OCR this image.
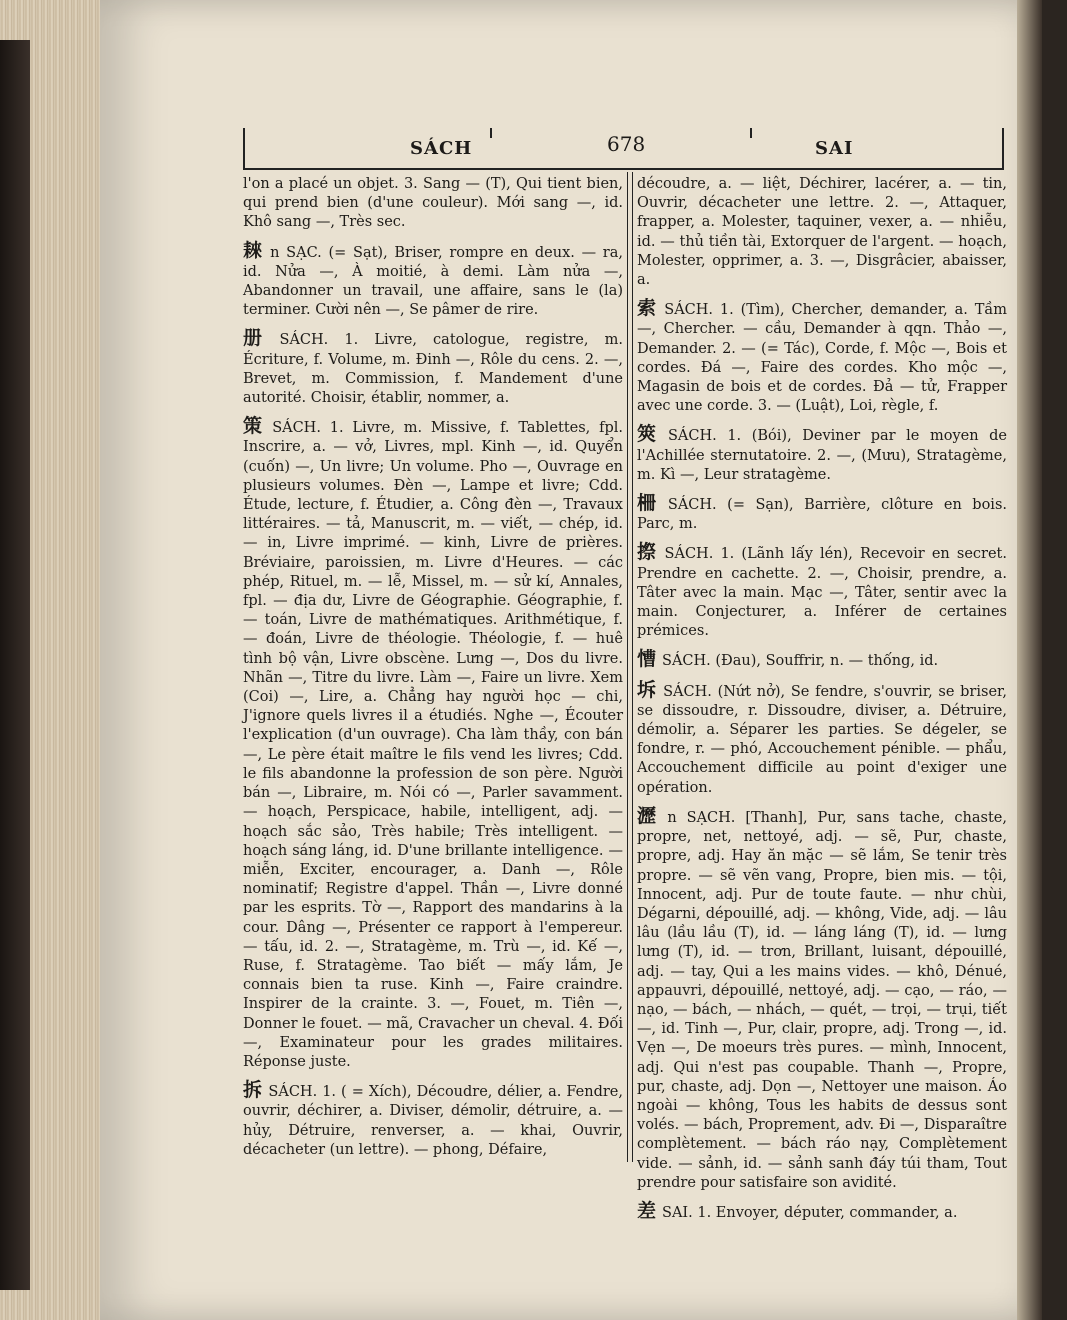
SÁCH	678	SAI

l'on a placé un objet. 3. Sang — (T), Qui tient bien, qui prend bien (d'une couleur). Mới sang —, id. Khô sang —, Très sec.

𦓹 n SẠC. (= Sạt), Briser, rompre en deux. — ra, id. Nửa —, À moitié, à demi. Làm nửa —, Abandonner un travail, une affaire, sans le (la) terminer. Cười nên —, Se pâmer de rire.

册 SÁCH. 1. Livre, catologue, registre, m. Écriture, f. Volume, m. Đinh —, Rôle du cens. 2. —, Brevet, m. Commission, f. Mandement d'une autorité. Choisir, établir, nommer, a.

策 SÁCH. 1. Livre, m. Missive, f. Tablettes, fpl. Inscrire, a. — vở, Livres, mpl. Kinh —, id. Quyển (cuốn) —, Un livre; Un volume. Pho —, Ouvrage en plusieurs volumes. Đèn —, Lampe et livre; Cdd. Étude, lecture, f. Étudier, a. Công đèn —, Travaux littéraires. — tả, Manuscrit, m. — viết, — chép, id. — in, Livre imprimé. — kinh, Livre de prières. Bréviaire, paroissien, m. Livre d'Heures. — các phép, Rituel, m. — lễ, Missel, m. — sử kí, Annales, fpl. — địa dư, Livre de Géographie. Géographie, f. — toán, Livre de mathématiques. Arithmétique, f. — đoán, Livre de théologie. Théologie, f. — huê tình bộ vận, Livre obscène. Lưng —, Dos du livre. Nhãn —, Titre du livre. Làm —, Faire un livre. Xem (Coi) —, Lire, a. Chẳng hay người học — chi, J'ignore quels livres il a étudiés. Nghe —, Écouter l'explication (d'un ouvrage). Cha làm thầy, con bán —, Le père était maître le fils vend les livres; Cdd. le fils abandonne la profession de son père. Người bán —, Libraire, m. Nói có —, Parler savamment. — hoạch, Perspicace, habile, intelligent, adj. — hoạch sắc sảo, Très habile; Très intelligent. — hoạch sáng láng, id. D'une brillante intelligence. — miễn, Exciter, encourager, a. Danh —, Rôle nominatif; Registre d'appel. Thần —, Livre donné par les esprits. Tờ —, Rapport des mandarins à la cour. Dâng —, Présenter ce rapport à l'empereur. — tấu, id. 2. —, Stratagème, m. Trù —, id. Kế —, Ruse, f. Stratagème. Tao biết — mấy lắm, Je connais bien ta ruse. Kinh —, Faire craindre. Inspirer de la crainte. 3. —, Fouet, m. Tiên —, Donner le fouet. — mã, Cravacher un cheval. 4. Đối —, Examinateur pour les grades militaires. Réponse juste.

拆 SÁCH. 1. ( = Xích), Découdre, délier, a. Fendre, ouvrir, déchirer, a. Diviser, démolir, détruire, a. — hủy, Détruire, renverser, a. — khai, Ouvrir, décacheter (un lettre). — phong, Défaire,

découdre, a. — liệt, Déchirer, lacérer, a. — tin, Ouvrir, décacheter une lettre. 2. —, Attaquer, frapper, a. Molester, taquiner, vexer, a. — nhiễu, id. — thủ tiền tài, Extorquer de l'argent. — hoạch, Molester, opprimer, a. 3. —, Disgrâcier, abaisser, a.

索 SÁCH. 1. (Tìm), Chercher, demander, a. Tầm —, Chercher. — cầu, Demander à qqn. Thảo —, Demander. 2. — (= Tác), Corde, f. Mộc —, Bois et cordes. Đá —, Faire des cordes. Kho mộc —, Magasin de bois et de cordes. Đả — tử, Frapper avec une corde. 3. — (Luật), Loi, règle, f.

筴 SÁCH. 1. (Bói), Deviner par le moyen de l'Achillée sternutatoire. 2. —, (Mưu), Stratagème, m. Kì —, Leur stratagème.

柵 SÁCH. (= Sạn), Barrière, clôture en bois. Parc, m.

摖 SÁCH. 1. (Lãnh lấy lén), Recevoir en secret. Prendre en cachette. 2. —, Choisir, prendre, a. Tâter avec la main. Mạc —, Tâter, sentir avec la main. Conjecturer, a. Inférer de certaines prémices.

慒 SÁCH. (Đau), Souffrir, n. — thống, id.

坼 SÁCH. (Nứt nở), Se fendre, s'ouvrir, se briser, se dissoudre, r. Dissoudre, diviser, a. Détruire, démolir, a. Séparer les parties. Se dégeler, se fondre, r. — phó, Accouchement pénible. — phẩu, Accouchement difficile au point d'exiger une opération.

瀝 n SẠCH. [Thanh], Pur, sans tache, chaste, propre, net, nettoyé, adj. — sẽ, Pur, chaste, propre, adj. Hay ăn mặc — sẽ lắm, Se tenir très propre. — sẽ vẽn vang, Propre, bien mis. — tội, Innocent, adj. Pur de toute faute. — như chùi, Dégarni, dépouillé, adj. — không, Vide, adj. — lâu lâu (lầu lầu (T), id. — láng láng (T), id. — lưng lưng (T), id. — trơn, Brillant, luisant, dépouillé, adj. — tay, Qui a les mains vides. — khô, Dénué, appauvri, dépouillé, nettoyé, adj. — cạo, — ráo, — nạo, — bách, — nhách, — quét, — trọi, — trụi, tiết —, id. Tinh —, Pur, clair, propre, adj. Trong —, id. Vẹn —, De moeurs très pures. — mình, Innocent, adj. Qui n'est pas coupable. Thanh —, Propre, pur, chaste, adj. Dọn —, Nettoyer une maison. Áo ngoài — không, Tous les habits de dessus sont volés. — bách, Proprement, adv. Đi —, Disparaître complètement. — bách ráo nạy, Complètement vide. — sảnh, id. — sảnh sanh đáy túi tham, Tout prendre pour satisfaire son avidité.

差 SAI. 1. Envoyer, députer, commander, a.
